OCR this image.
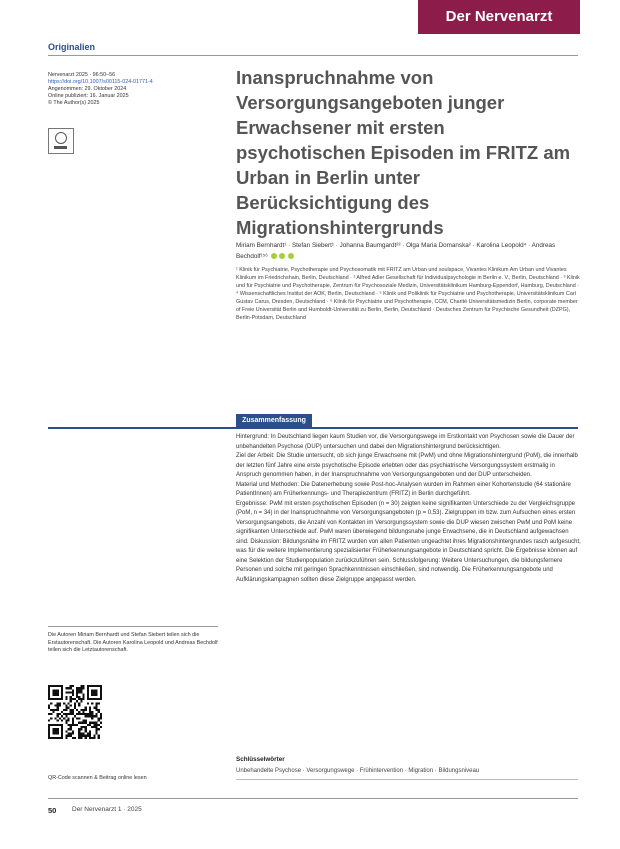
Der Nervenarzt
Originalien
Nervenarzt 2025 · 96:50–56
https://doi.org/10.1007/s00115-024-01771-4
Angenommen: 29. Oktober 2024
Online publiziert: 16. Januar 2025
© The Author(s) 2025
Inanspruchnahme von Versorgungsangeboten junger Erwachsener mit ersten psychotischen Episoden im FRITZ am Urban in Berlin unter Berücksichtigung des Migrationshintergrunds
Miriam Bernhardt¹ · Stefan Siebert¹ · Johanna Baumgardt²³ · Olga Maria Domanska² · Karolina Leopold⁴ · Andreas Bechdolf¹⁵⁶
¹ Klinik für Psychiatrie, Psychotherapie und Psychosomatik mit FRITZ am Urban und soulspace, Vivantes Klinikum Am Urban und Vivantes Klinikum im Friedrichshain, Berlin, Deutschland · ² Alfred Adler Gesellschaft für Individualpsychologie in Berlin e. V., Berlin, Deutschland · ³ Klinik und für Psychiatrie und Psychotherapie, Zentrum für Psychosoziale Medizin, Universitätsklinikum Hamburg-Eppendorf, Hamburg, Deutschland · ⁴ Wissenschaftliches Institut der AOK, Berlin, Deutschland · ⁵ Klinik und Poliklinik für Psychiatrie und Psychotherapie, Universitätsklinikum Carl Gustav Carus, Dresden, Deutschland · ⁶ Klinik für Psychiatrie und Psychotherapie, CCM, Charité Universitätsmedizin Berlin, corporate member of Freie Universität Berlin and Humboldt-Universität zu Berlin, Berlin, Deutschland · Deutsches Zentrum für Psychische Gesundheit (DZPG), Berlin-Potsdam, Deutschland
Die Autoren Miriam Bernhardt und Stefan Siebert teilen sich die Erstautorenschaft. Die Autoren Karolina Leopold und Andreas Bechdolf teilen sich die Letztautorenschaft.
Zusammenfassung

Hintergrund: In Deutschland liegen kaum Studien vor, die Versorgungswege im Erstkontakt von Psychosen sowie die Dauer der unbehandelten Psychose (DUP) untersuchen und dabei den Migrationshintergrund berücksichtigen.

Ziel der Arbeit: Die Studie untersucht, ob sich junge Erwachsene mit (PwM) und ohne Migrationshintergrund (PoM), die innerhalb der letzten fünf Jahre eine erste psychotische Episode erlebten oder das psychiatrische Versorgungssystem erstmalig in Anspruch genommen haben, in der Inanspruchnahme von Versorgungsangeboten und der DUP unterscheiden.

Material und Methoden: Die Datenerhebung sowie Post-hoc-Analysen wurden im Rahmen einer Kohortenstudie (64 stationäre PatientInnen) am Früherkennungs- und Therapiezentrum (FRITZ) in Berlin durchgeführt.

Ergebnisse: PwM mit ersten psychotischen Episoden (n = 30) zeigten keine signifikanten Unterschiede zu der Vergleichsgruppe (PoM, n = 34) in der Inanspruchnahme von Versorgungsangeboten (p = 0,53). Zielgruppen im bzw. zum Aufsuchen eines ersten Versorgungsangebots, die Anzahl von Kontakten im Versorgungssystem sowie die DUP wiesen zwischen PwM und PoM keine signifikanten Unterschiede auf. PwM waren überwiegend bildungsnahe junge Erwachsene, die in Deutschland aufgewachsen sind. Diskussion: Bildungsnähe im FRITZ wurden von allen Patienten ungeachtet ihres Migrationshintergrundes rasch aufgesucht, was für die weitere Implementierung spezialisierter Früherkennungsangebote in Deutschland spricht. Die Ergebnisse können auf eine Selektion der Studienpopulation zurückzuführen sein. Schlussfolgerung: Weitere Untersuchungen, die bildungsfernere Personen und solche mit geringen Sprachkenntnissen einschließen, sind notwendig. Die Früherkennungsangebote und Aufklärungskampagnen sollten diese Zielgruppe angepasst werden.

Schlüsselwörter
Unbehandelte Psychose · Versorgungswege · Frühintervention · Migration · Bildungsniveau
QR-Code scannen & Beitrag online lesen
50 Der Nervenarzt 1 · 2025
